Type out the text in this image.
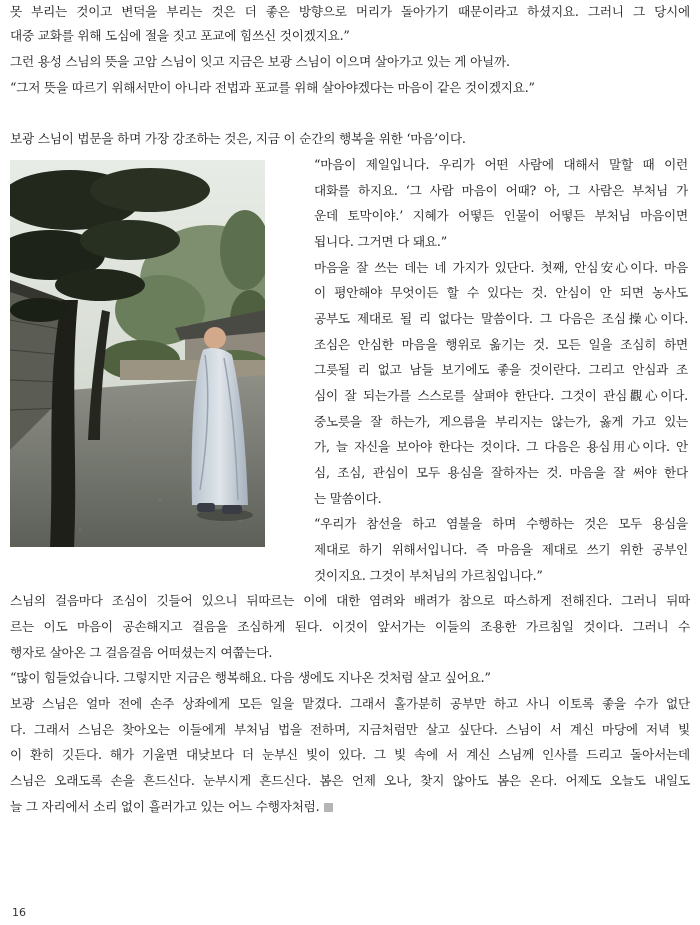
못 부리는 것이고 변덕을 부리는 것은 더 좋은 방향으로 머리가 돌아가기 때문이라고 하셨지요. 그러니 그 당시에
대중 교화를 위해 도심에 절을 짓고 포교에 힘쓰신 것이겠지요.”
그런 용성 스님의 뜻을 고암 스님이 잇고 지금은 보광 스님이 이으며 살아가고 있는 게 아닐까.
“그저 뜻을 따르기 위해서만이 아니라 전법과 포교를 위해 살아야겠다는 마음이 같은 것이겠지요.”
보광 스님이 법문을 하며 가장 강조하는 것은, 지금 이 순간의 행복을 위한 ‘마음’이다.
“마음이 제일입니다. 우리가 어떤 사람에 대해서 말할 때 이런
대화를 하지요. ‘그 사람 마음이 어때? 아, 그 사람은 부처님 가
운데 토막이야.’ 지혜가 어떻든 인물이 어떻든 부처님 마음이면
됩니다. 그거면 다 돼요.”
마음을 잘 쓰는 데는 네 가지가 있단다. 첫째, 안심安心이다. 마음
이 평안해야 무엇이든 할 수 있다는 것. 안심이 안 되면 농사도
공부도 제대로 될 리 없다는 말씀이다. 그 다음은 조심操心이다.
조심은 안심한 마음을 행위로 옮기는 것. 모든 일을 조심히 하면
그릇될 리 없고 남들 보기에도 좋을 것이란다. 그리고 안심과 조
심이 잘 되는가를 스스로를 살펴야 한단다. 그것이 관심觀心이다.
중노릇을 잘 하는가, 게으름을 부리지는 않는가, 옳게 가고 있는
가, 늘 자신을 보아야 한다는 것이다. 그 다음은 용심用心이다. 안
심, 조심, 관심이 모두 용심을 잘하자는 것. 마음을 잘 써야 한다
는 말씀이다.
“우리가 참선을 하고 염불을 하며 수행하는 것은 모두 용심을
제대로 하기 위해서입니다. 즉 마음을 제대로 쓰기 위한 공부인
것이지요. 그것이 부처님의 가르침입니다.”
스님의 걸음마다 조심이 깃들어 있으니 뒤따르는 이에 대한 염려와 배려가 참으로 따스하게 전해진다. 그러니 뒤따
르는 이도 마음이 공손해지고 걸음을 조심하게 된다. 이것이 앞서가는 이들의 조용한 가르침일 것이다. 그러니 수
행자로 살아온 그 걸음걸음 어떠셨는지 여쭙는다.
“많이 힘들었습니다. 그렇지만 지금은 행복해요. 다음 생에도 지나온 것처럼 살고 싶어요.”
보광 스님은 얼마 전에 손주 상좌에게 모든 일을 맡겼다. 그래서 홀가분히 공부만 하고 사니 이토록 좋을 수가 없단
다. 그래서 스님은 찾아오는 이들에게 부처님 법을 전하며, 지금처럼만 살고 싶단다. 스님이 서 계신 마당에 저녁 빛
이 환히 깃든다. 해가 기울면 대낮보다 더 눈부신 빛이 있다. 그 빛 속에 서 계신 스님께 인사를 드리고 돌아서는데
스님은 오래도록 손을 흔드신다. 눈부시게 흔드신다. 봄은 언제 오나, 찾지 않아도 봄은 온다. 어제도 오늘도 내일도
늘 그 자리에서 소리 없이 흘러가고 있는 어느 수행자처럼.
16
